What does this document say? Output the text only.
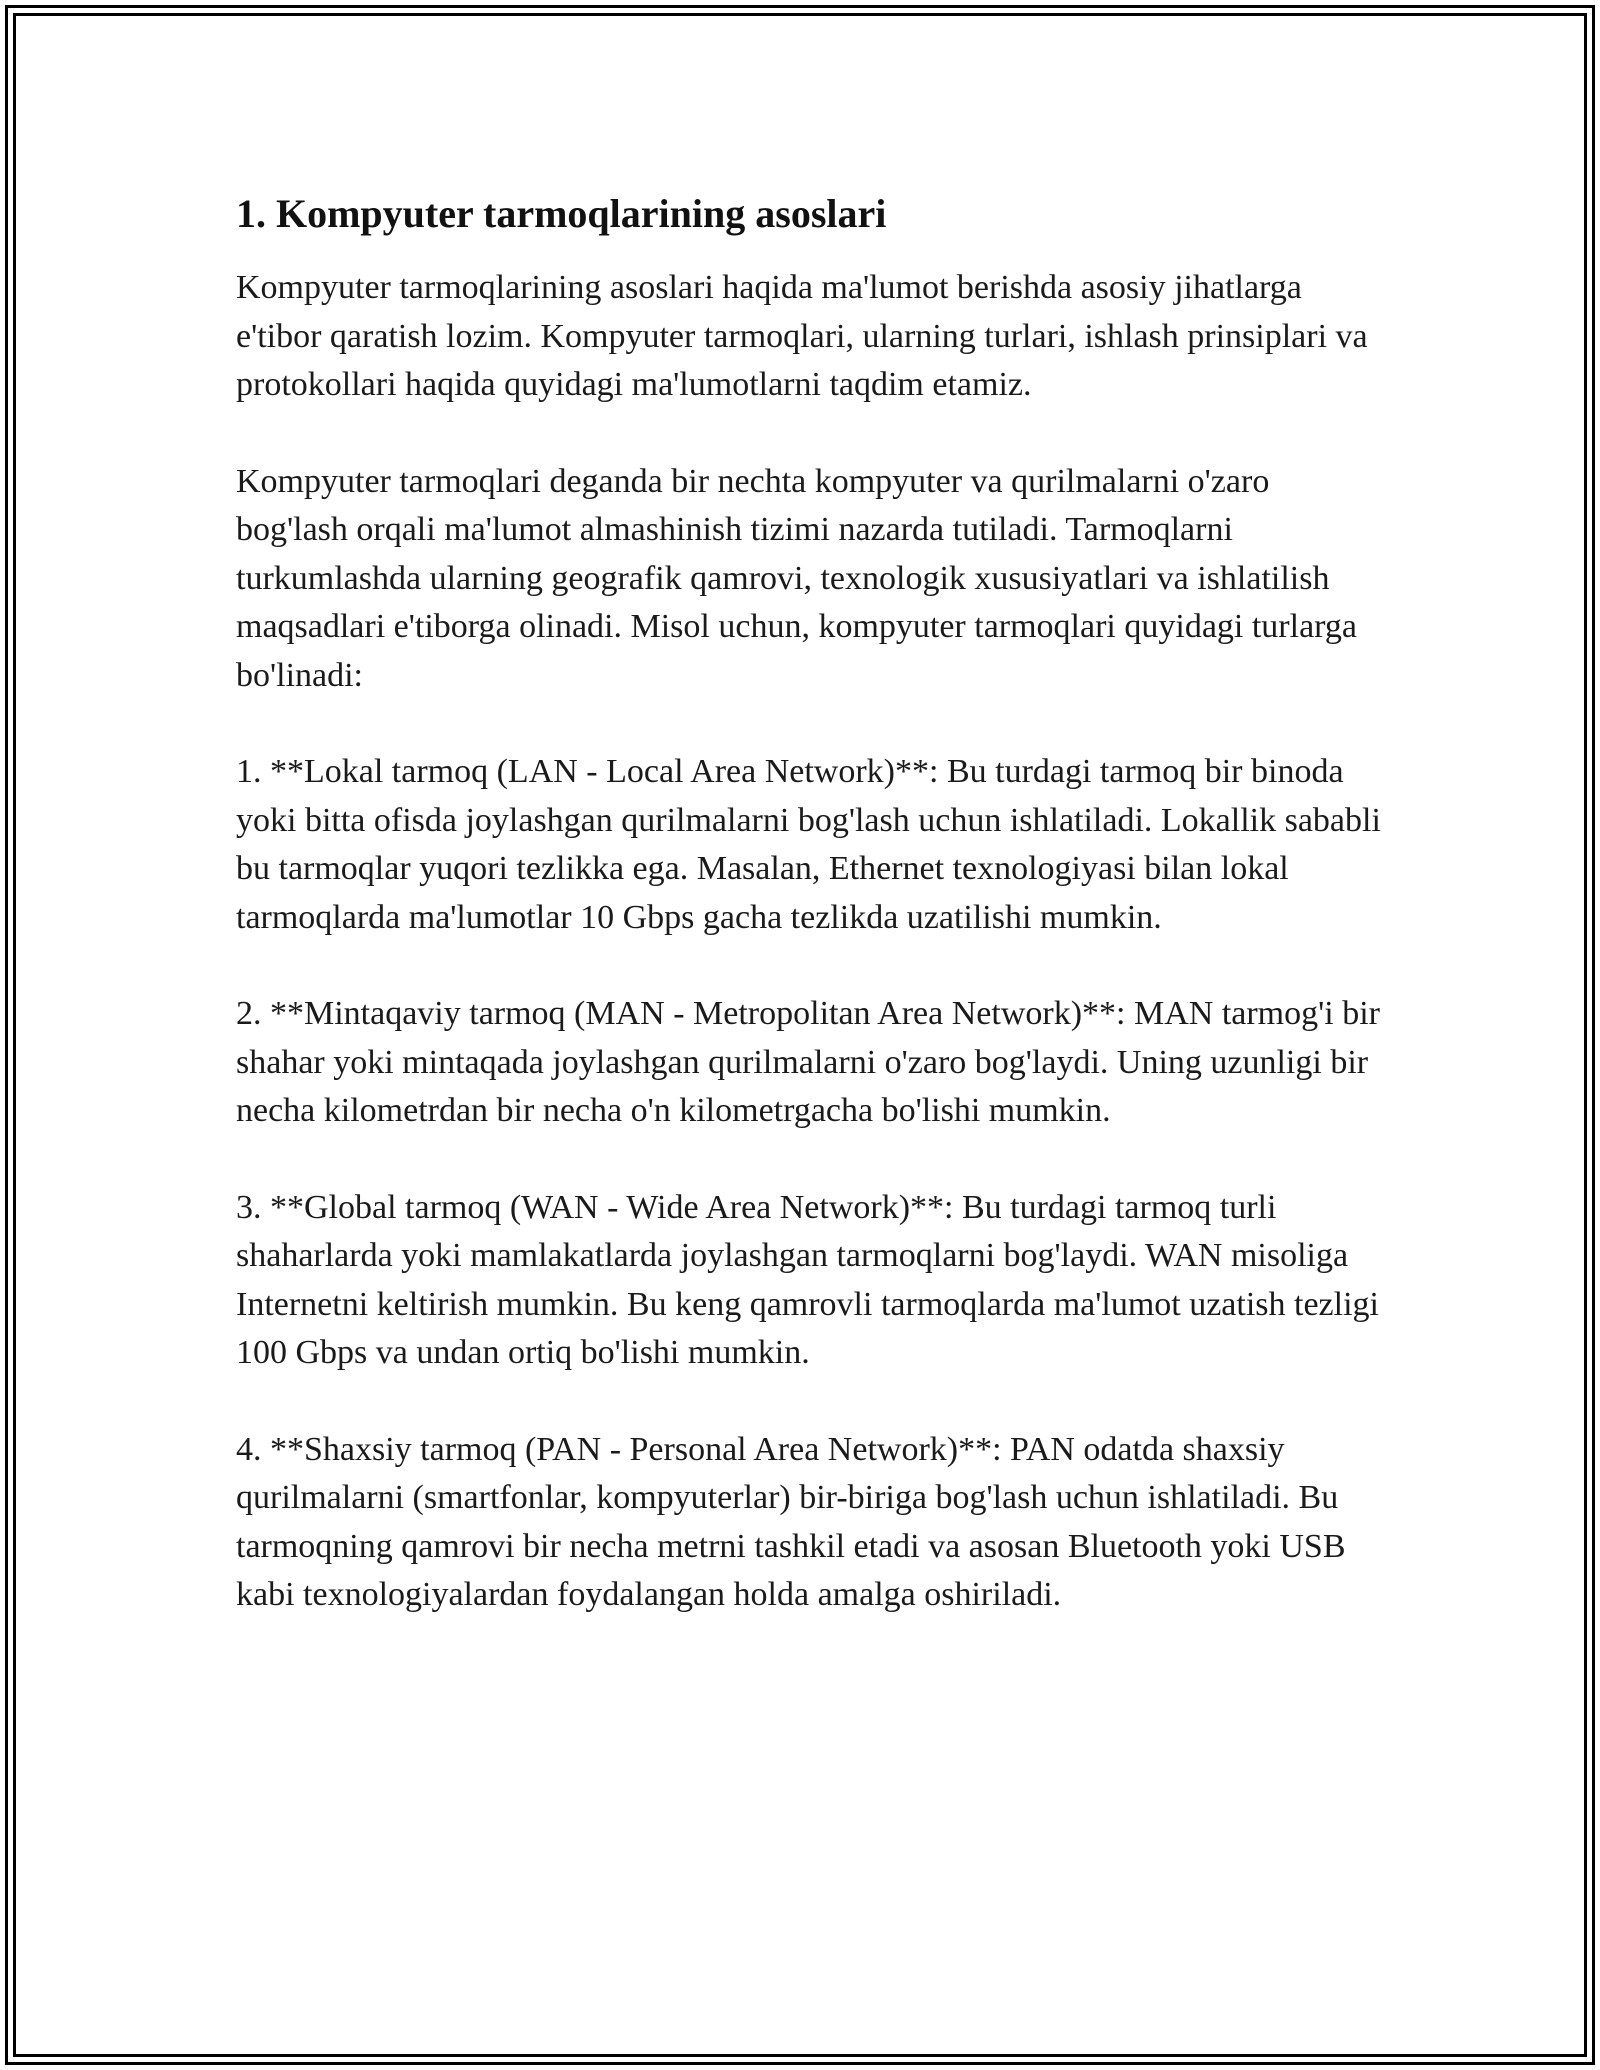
1. Kompyuter tarmoqlarining asoslari

Kompyuter tarmoqlarining asoslari haqida ma'lumot berishda asosiy jihatlarga e'tibor qaratish lozim. Kompyuter tarmoqlari, ularning turlari, ishlash prinsiplari va protokollari haqida quyidagi ma'lumotlarni taqdim etamiz.

Kompyuter tarmoqlari deganda bir nechta kompyuter va qurilmalarni o'zaro bog'lash orqali ma'lumot almashinish tizimi nazarda tutiladi. Tarmoqlarni turkumlashda ularning geografik qamrovi, texnologik xususiyatlari va ishlatilish maqsadlari e'tiborga olinadi. Misol uchun, kompyuter tarmoqlari quyidagi turlarga bo'linadi:

1. **Lokal tarmoq (LAN - Local Area Network)**: Bu turdagi tarmoq bir binoda yoki bitta ofisda joylashgan qurilmalarni bog'lash uchun ishlatiladi. Lokallik sababli bu tarmoqlar yuqori tezlikka ega. Masalan, Ethernet texnologiyasi bilan lokal tarmoqlarda ma'lumotlar 10 Gbps gacha tezlikda uzatilishi mumkin.

2. **Mintaqaviy tarmoq (MAN - Metropolitan Area Network)**: MAN tarmog'i bir shahar yoki mintaqada joylashgan qurilmalarni o'zaro bog'laydi. Uning uzunligi bir necha kilometrdan bir necha o'n kilometrgacha bo'lishi mumkin.

3. **Global tarmoq (WAN - Wide Area Network)**: Bu turdagi tarmoq turli shaharlarda yoki mamlakatlarda joylashgan tarmoqlarni bog'laydi. WAN misoliga Internetni keltirish mumkin. Bu keng qamrovli tarmoqlarda ma'lumot uzatish tezligi 100 Gbps va undan ortiq bo'lishi mumkin.

4. **Shaxsiy tarmoq (PAN - Personal Area Network)**: PAN odatda shaxsiy qurilmalarni (smartfonlar, kompyuterlar) bir-biriga bog'lash uchun ishlatiladi. Bu tarmoqning qamrovi bir necha metrni tashkil etadi va asosan Bluetooth yoki USB kabi texnologiyalardan foydalangan holda amalga oshiriladi.
